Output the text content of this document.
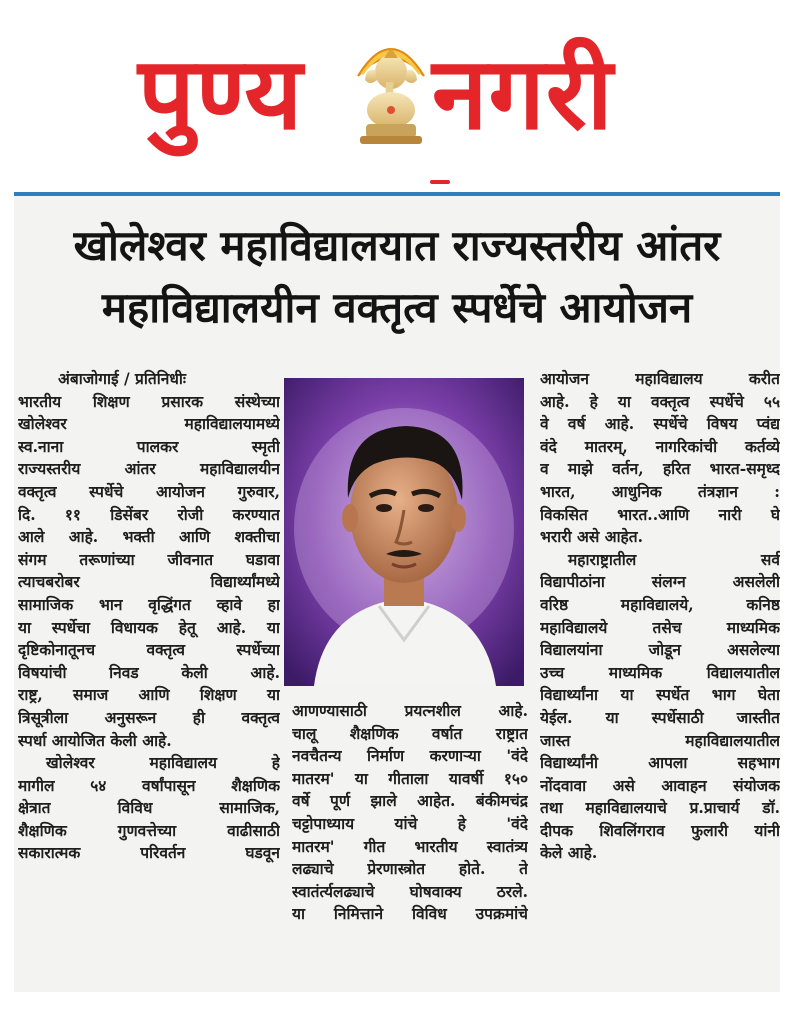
पुण्य नगरी
खोलेश्वर महाविद्यालयात राज्यस्तरीय आंतर
महाविद्यालयीन वक्तृत्व स्पर्धेचे आयोजन
अंबाजोगाई / प्रतिनिधीः
भारतीय शिक्षण प्रसारक संस्थेच्या
खोलेश्वर महाविद्यालयामध्ये
स्व.नाना पालकर स्मृती
राज्यस्तरीय आंतर महाविद्यालयीन
वक्तृत्व स्पर्धेचे आयोजन गुरुवार,
दि. ११ डिसेंबर रोजी करण्यात
आले आहे. भक्ती आणि शक्तीचा
संगम तरूणांच्या जीवनात घडावा
त्याचबरोबर विद्यार्थ्यांमध्ये
सामाजिक भान वृद्धिंगत व्हावे हा
या स्पर्धेचा विधायक हेतू आहे. या
दृष्टिकोनातूनच वक्तृत्व स्पर्धेच्या
विषयांची निवड केली आहे.
राष्ट्र, समाज आणि शिक्षण या
त्रिसूत्रीला अनुसरून ही वक्तृत्व
स्पर्धा आयोजित केली आहे.
खोलेश्वर महाविद्यालय हे
मागील ५४ वर्षांपासून शैक्षणिक
क्षेत्रात विविध सामाजिक,
शैक्षणिक गुणवत्तेच्या वाढीसाठी
सकारात्मक परिवर्तन घडवून
आणण्यासाठी प्रयत्नशील आहे.
चालू शैक्षणिक वर्षात राष्ट्रात
नवचैतन्य निर्माण करणाऱ्या 'वंदे
मातरम' या गीताला यावर्षी १५०
वर्षे पूर्ण झाले आहेत. बंकीमचंद्र
चट्टोपाध्याय यांचे हे 'वंदे
मातरम' गीत भारतीय स्वातंत्र्य
लढ्याचे प्रेरणास्त्रोत होते. ते
स्वातंर्त्यलढ्याचे घोषवाक्य ठरले.
या निमित्ताने विविध उपक्रमांचे
आयोजन महाविद्यालय करीत
आहे. हे या वक्तृत्व स्पर्धेचे ५५
वे वर्ष आहे. स्पर्धेचे विषय प्वंद्य
वंदे मातरम्, नागरिकांची कर्तव्ये
व माझे वर्तन, हरित भारत-समृध्द
भारत, आधुनिक तंत्रज्ञान :
विकसित भारत..आणि नारी घे
भरारी असे आहेत.
महाराष्ट्रातील सर्व
विद्यापीठांना संलग्न असलेली
वरिष्ठ महाविद्यालये, कनिष्ठ
महाविद्यालये तसेच माध्यमिक
विद्यालयांना जोडून असलेल्या
उच्च माध्यमिक विद्यालयातील
विद्यार्थ्यांना या स्पर्धेत भाग घेता
येईल. या स्पर्धेसाठी जास्तीत
जास्त महाविद्यालयातील
विद्यार्थ्यांनी आपला सहभाग
नोंदवावा असे आवाहन संयोजक
तथा महाविद्यालयाचे प्र.प्राचार्य डॉ.
दीपक शिवलिंगराव फुलारी यांनी
केले आहे.
